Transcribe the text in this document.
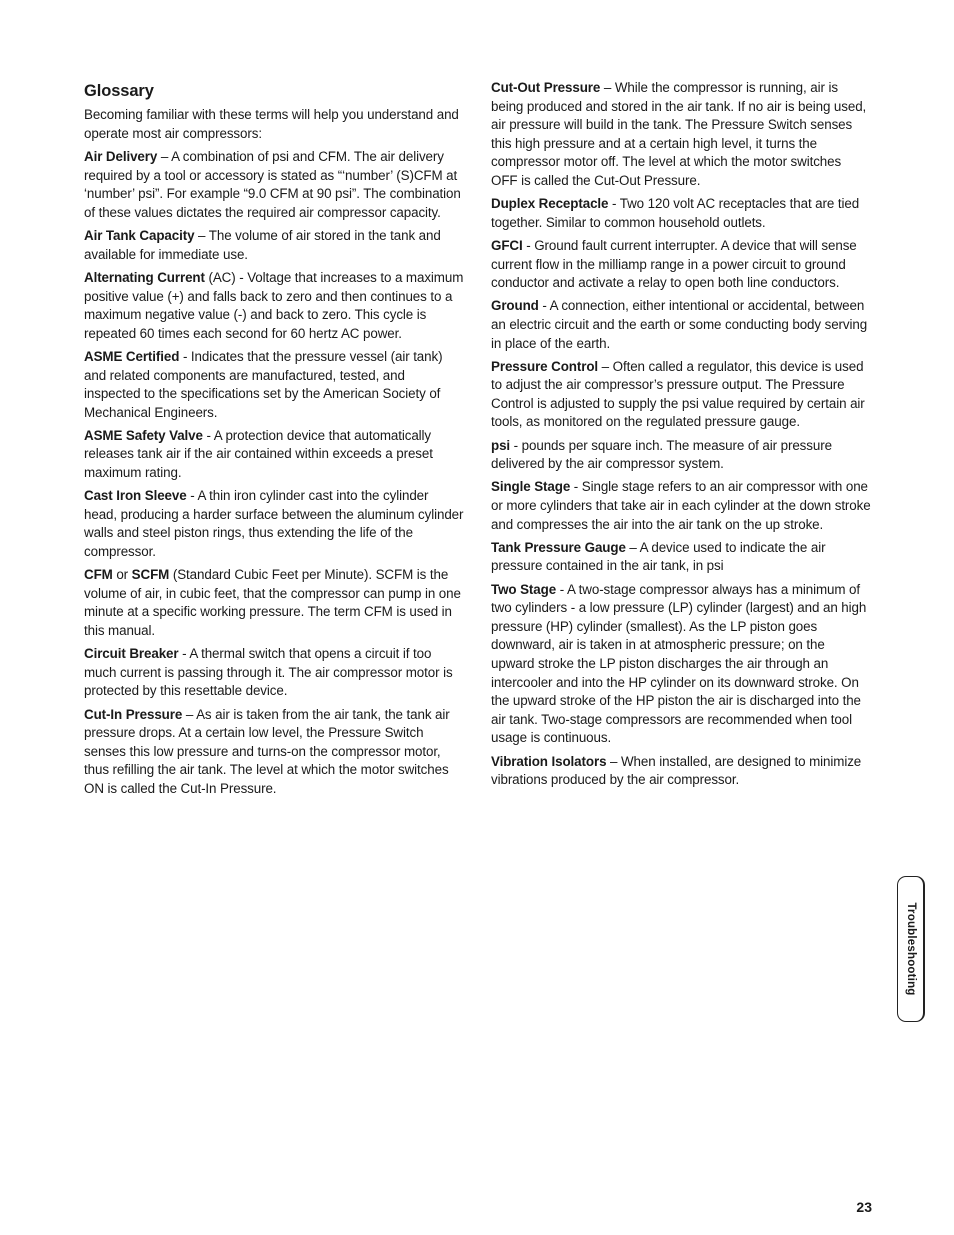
Glossary
Becoming familiar with these terms will help you understand and operate most air compressors:
Air Delivery – A combination of psi and CFM. The air delivery required by a tool or accessory is stated as “‘number’ (S)CFM at ‘number’ psi”. For example “9.0 CFM at 90 psi”. The combination of these values dictates the required air compressor capacity.
Air Tank Capacity – The volume of air stored in the tank and available for immediate use.
Alternating Current (AC) - Voltage that increases to a maximum positive value (+) and falls back to zero and then continues to a maximum negative value (-) and back to zero. This cycle is repeated 60 times each second for 60 hertz AC power.
ASME Certified - Indicates that the pressure vessel (air tank) and related components are manufactured, tested, and inspected to the specifications set by the American Society of Mechanical Engineers.
ASME Safety Valve - A protection device that automatically releases tank air if the air contained within exceeds a preset maximum rating.
Cast Iron Sleeve - A thin iron cylinder cast into the cylinder head, producing a harder surface between the aluminum cylinder walls and steel piston rings, thus extending the life of the compressor.
CFM or SCFM (Standard Cubic Feet per Minute). SCFM is the volume of air, in cubic feet, that the compressor can pump in one minute at a specific working pressure. The term CFM is used in this manual.
Circuit Breaker - A thermal switch that opens a circuit if too much current is passing through it. The air compressor motor is protected by this resettable device.
Cut-In Pressure – As air is taken from the air tank, the tank air pressure drops. At a certain low level, the Pressure Switch senses this low pressure and turns-on the compressor motor, thus refilling the air tank. The level at which the motor switches ON is called the Cut-In Pressure.
Cut-Out Pressure – While the compressor is running, air is being produced and stored in the air tank. If no air is being used, air pressure will build in the tank. The Pressure Switch senses this high pressure and at a certain high level, it turns the compressor motor off. The level at which the motor switches OFF is called the Cut-Out Pressure.
Duplex Receptacle - Two 120 volt AC receptacles that are tied together. Similar to common household outlets.
GFCI - Ground fault current interrupter. A device that will sense current flow in the milliamp range in a power circuit to ground conductor and activate a relay to open both line conductors.
Ground - A connection, either intentional or accidental, between an electric circuit and the earth or some conducting body serving in place of the earth.
Pressure Control – Often called a regulator, this device is used to adjust the air compressor’s pressure output. The Pressure Control is adjusted to supply the psi value required by certain air tools, as monitored on the regulated pressure gauge.
psi - pounds per square inch. The measure of air pressure delivered by the air compressor system.
Single Stage - Single stage refers to an air compressor with one or more cylinders that take air in each cylinder at the down stroke and compresses the air into the air tank on the up stroke.
Tank Pressure Gauge – A device used to indicate the air pressure contained in the air tank, in psi
Two Stage - A two-stage compressor always has a minimum of two cylinders - a low pressure (LP) cylinder (largest) and an high pressure (HP) cylinder (smallest). As the LP piston goes downward, air is taken in at atmospheric pressure; on the upward stroke the LP piston discharges the air through an intercooler and into the HP cylinder on its downward stroke. On the upward stroke of the HP piston the air is discharged into the air tank. Two-stage compressors are recommended when tool usage is continuous.
Vibration Isolators – When installed, are designed to minimize vibrations produced by the air compressor.
Troubleshooting
23
